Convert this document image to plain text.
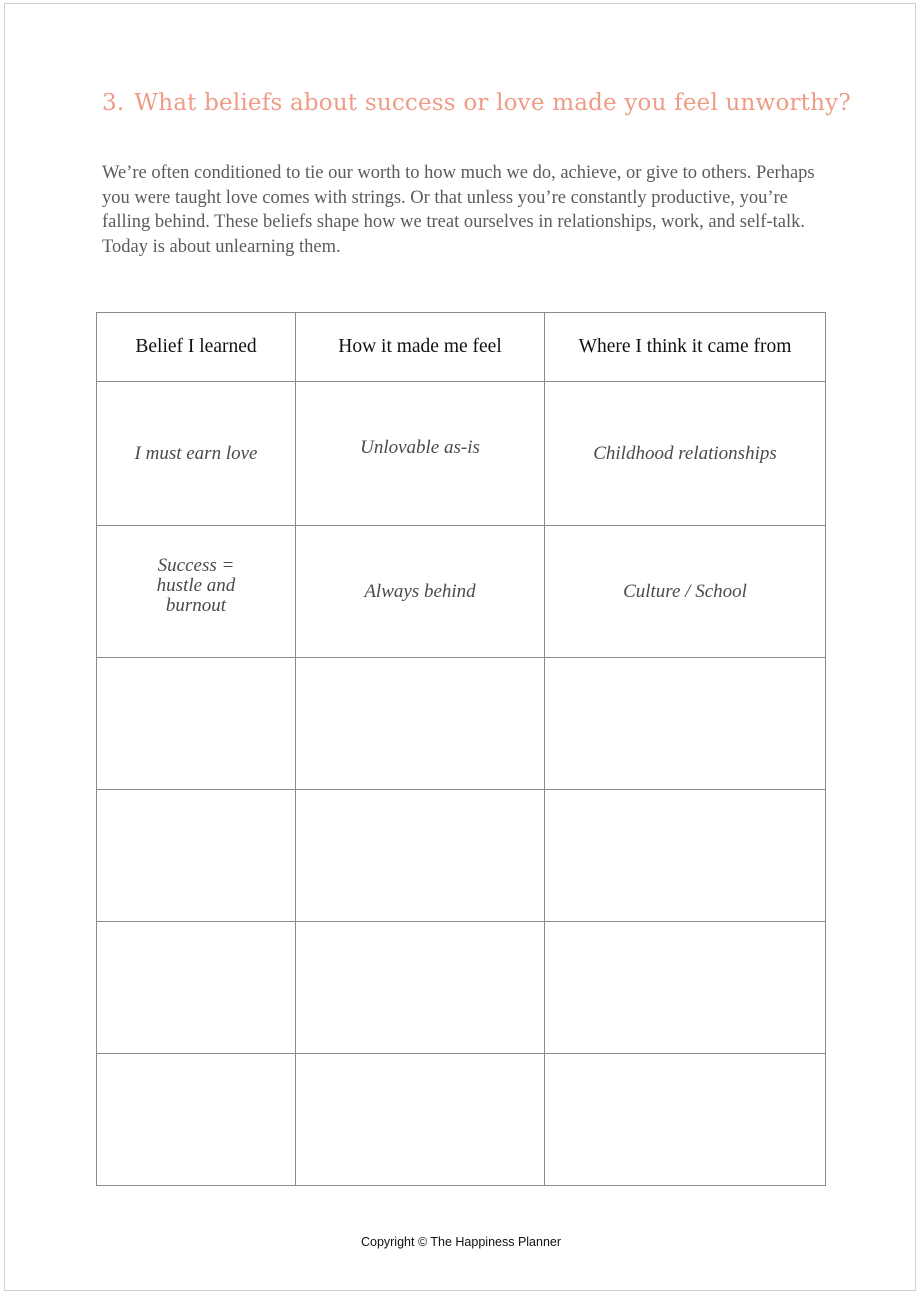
3. What beliefs about success or love made you feel unworthy?

We’re often conditioned to tie our worth to how much we do, achieve, or give to others. Perhaps you were taught love comes with strings. Or that unless you’re constantly productive, you’re falling behind. These beliefs shape how we treat ourselves in relationships, work, and self-talk. Today is about unlearning them.

Belief I learned	How it made me feel	Where I think it came from
I must earn love	Unlovable as-is	Childhood relationships
Success = hustle and burnout	Always behind	Culture / School

Copyright © The Happiness Planner
